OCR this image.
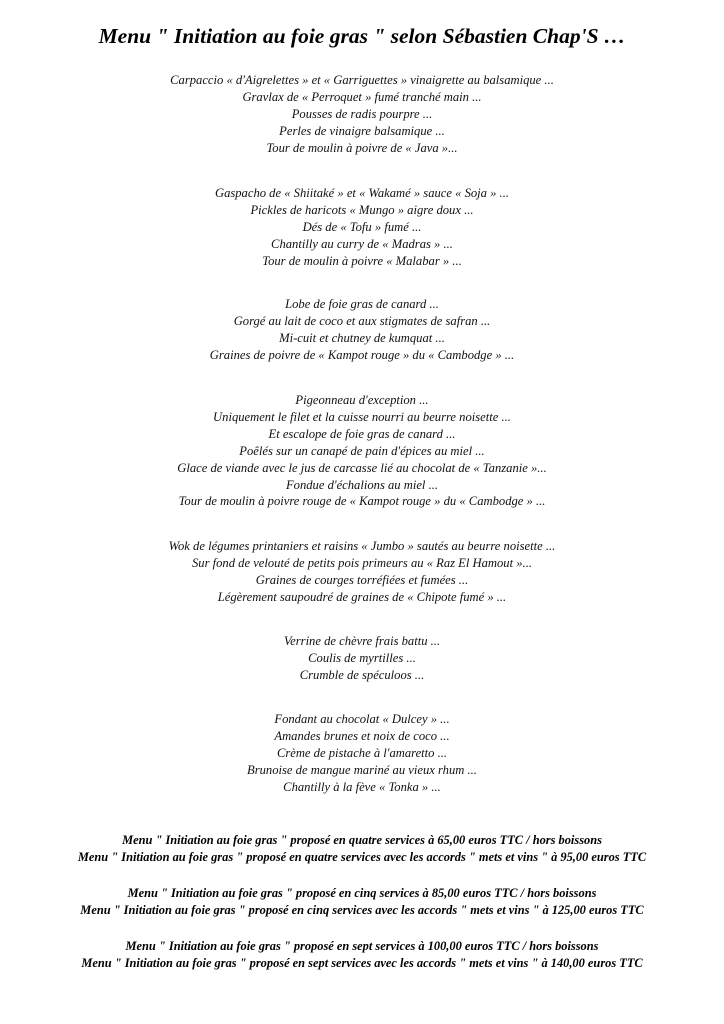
Menu " Initiation au foie gras " selon Sébastien Chap'S …
Carpaccio « d'Aigrelettes » et « Garriguettes » vinaigrette au balsamique ...
Gravlax de « Perroquet » fumé tranché main ...
Pousses de radis pourpre ...
Perles de vinaigre balsamique ...
Tour de moulin à poivre de « Java »...
Gaspacho de « Shiitaké » et « Wakamé » sauce « Soja » ...
Pickles de haricots « Mungo » aigre doux ...
Dés de « Tofu » fumé ...
Chantilly au curry de « Madras » ...
Tour de moulin à poivre « Malabar » ...
Lobe de foie gras de canard ...
Gorgé au lait de coco et aux stigmates de safran ...
Mi-cuit et chutney de kumquat ...
Graines de poivre de « Kampot rouge » du « Cambodge » ...
Pigeonneau d'exception ...
Uniquement le filet et la cuisse nourri au beurre noisette ...
Et escalope de foie gras de canard ...
Poêlés sur un canapé de pain d'épices au miel ...
Glace de viande avec le jus de carcasse lié au chocolat de « Tanzanie »...
Fondue d'échalions au miel ...
Tour de moulin à poivre rouge de « Kampot rouge » du « Cambodge » ...
Wok de légumes printaniers et raisins « Jumbo » sautés au beurre noisette ...
Sur fond de velouté de petits pois primeurs au « Raz El Hamout »...
Graines de courges torréfiées et fumées ...
Légèrement saupoudré de graines de « Chipote fumé » ...
Verrine de chèvre frais battu ...
Coulis de myrtilles ...
Crumble de spéculoos ...
Fondant au chocolat « Dulcey » ...
Amandes brunes et noix de coco ...
Crème de pistache à l'amaretto ...
Brunoise de mangue mariné au vieux rhum ...
Chantilly à la fève « Tonka » ...
Menu " Initiation au foie gras " proposé en quatre services à 65,00 euros TTC / hors boissons
Menu " Initiation au foie gras " proposé en quatre services avec les accords " mets et vins " à 95,00 euros TTC
Menu " Initiation au foie gras " proposé en cinq services à 85,00 euros TTC / hors boissons
Menu " Initiation au foie gras " proposé en cinq services avec les accords " mets et vins " à 125,00 euros TTC
Menu " Initiation au foie gras " proposé en sept services à 100,00 euros TTC / hors boissons
Menu " Initiation au foie gras " proposé en sept services avec les accords " mets et vins " à 140,00 euros TTC
